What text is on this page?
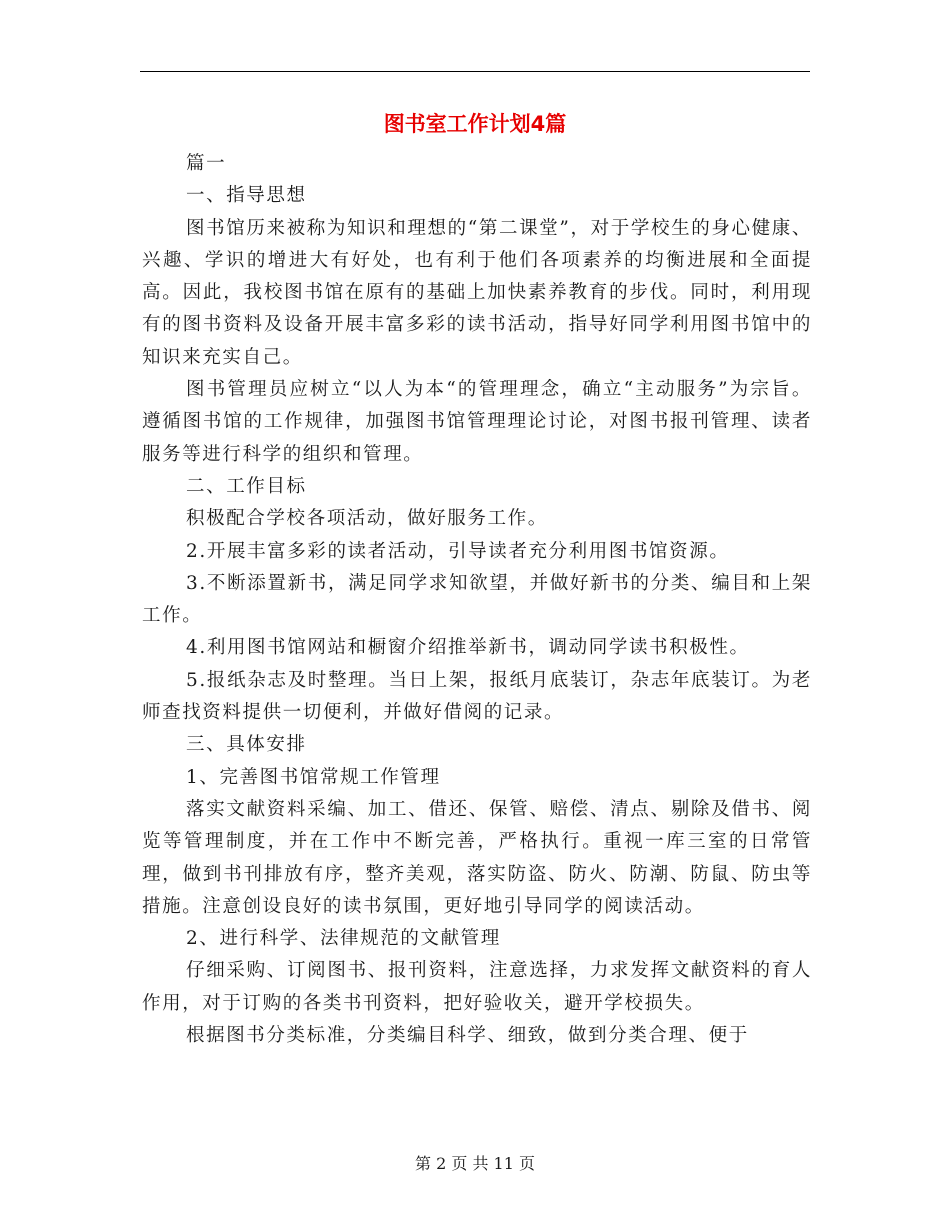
图书室工作计划4篇

篇一

一、指导思想

图书馆历来被称为知识和理想的“第二课堂”，对于学校生的身心健康、兴趣、学识的增进大有好处，也有利于他们各项素养的均衡进展和全面提高。因此，我校图书馆在原有的基础上加快素养教育的步伐。同时，利用现有的图书资料及设备开展丰富多彩的读书活动，指导好同学利用图书馆中的知识来充实自己。

图书管理员应树立“以人为本“的管理理念，确立“主动服务”为宗旨。遵循图书馆的工作规律，加强图书馆管理理论讨论，对图书报刊管理、读者服务等进行科学的组织和管理。

二、工作目标

积极配合学校各项活动，做好服务工作。

2.开展丰富多彩的读者活动，引导读者充分利用图书馆资源。

3.不断添置新书，满足同学求知欲望，并做好新书的分类、编目和上架工作。

4.利用图书馆网站和橱窗介绍推举新书，调动同学读书积极性。

5.报纸杂志及时整理。当日上架，报纸月底装订，杂志年底装订。为老师查找资料提供一切便利，并做好借阅的记录。

三、具体安排

1、完善图书馆常规工作管理

落实文献资料采编、加工、借还、保管、赔偿、清点、剔除及借书、阅览等管理制度，并在工作中不断完善，严格执行。重视一库三室的日常管理，做到书刊排放有序，整齐美观，落实防盗、防火、防潮、防鼠、防虫等措施。注意创设良好的读书氛围，更好地引导同学的阅读活动。

2、进行科学、法律规范的文献管理

仔细采购、订阅图书、报刊资料，注意选择，力求发挥文献资料的育人作用，对于订购的各类书刊资料，把好验收关，避开学校损失。

根据图书分类标准，分类编目科学、细致，做到分类合理、便于

第 2 页 共 11 页
